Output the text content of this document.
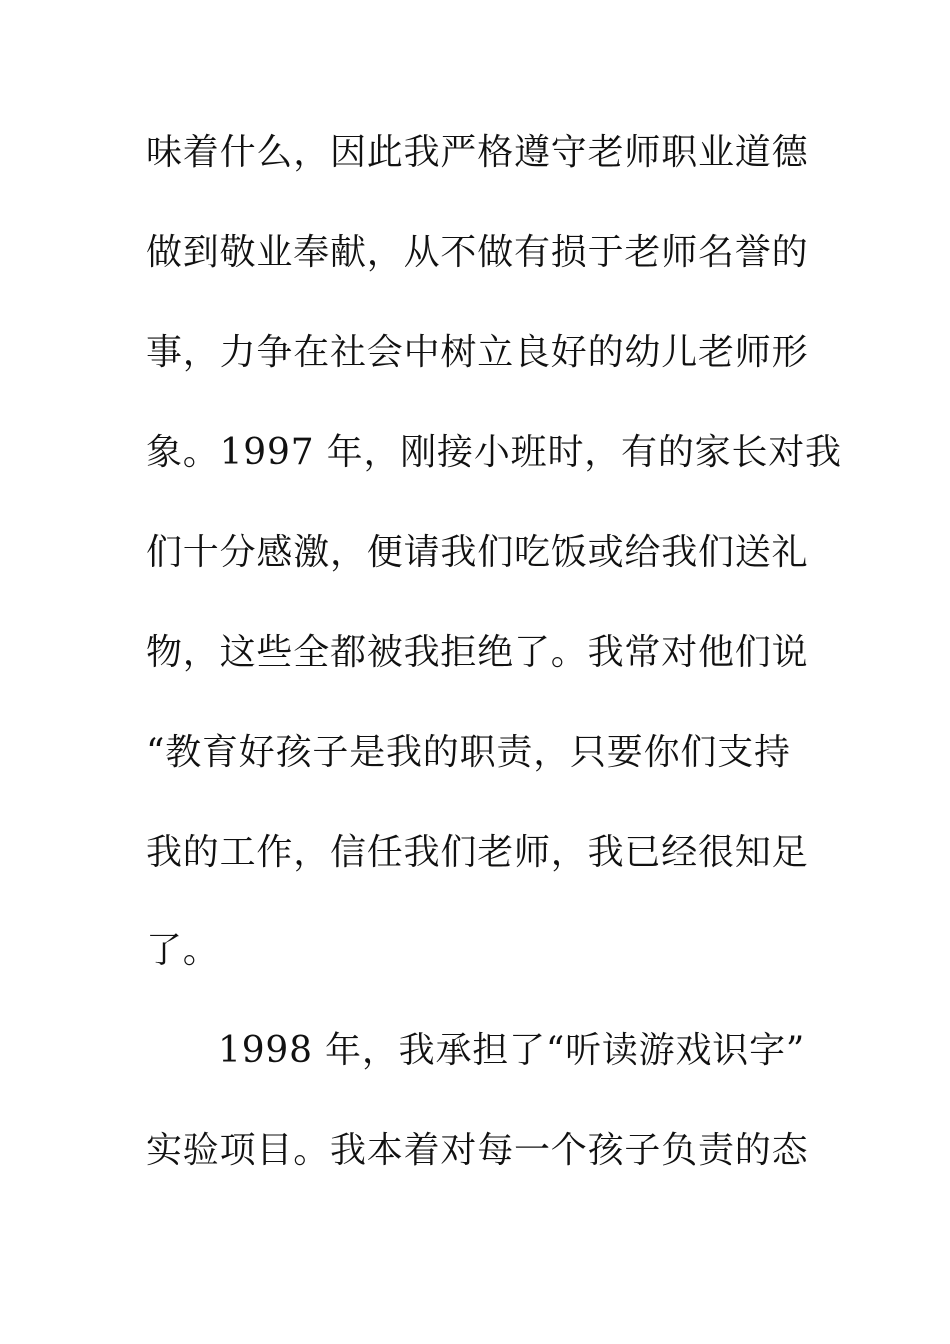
味着什么，因此我严格遵守老师职业道德
做到敬业奉献，从不做有损于老师名誉的
事，力争在社会中树立良好的幼儿老师形
象。1997 年，刚接小班时，有的家长对我
们十分感激，便请我们吃饭或给我们送礼
物，这些全都被我拒绝了。我常对他们说
“教育好孩子是我的职责，只要你们支持
我的工作，信任我们老师，我已经很知足
了。
1998 年，我承担了“听读游戏识字”
实验项目。我本着对每一个孩子负责的态
